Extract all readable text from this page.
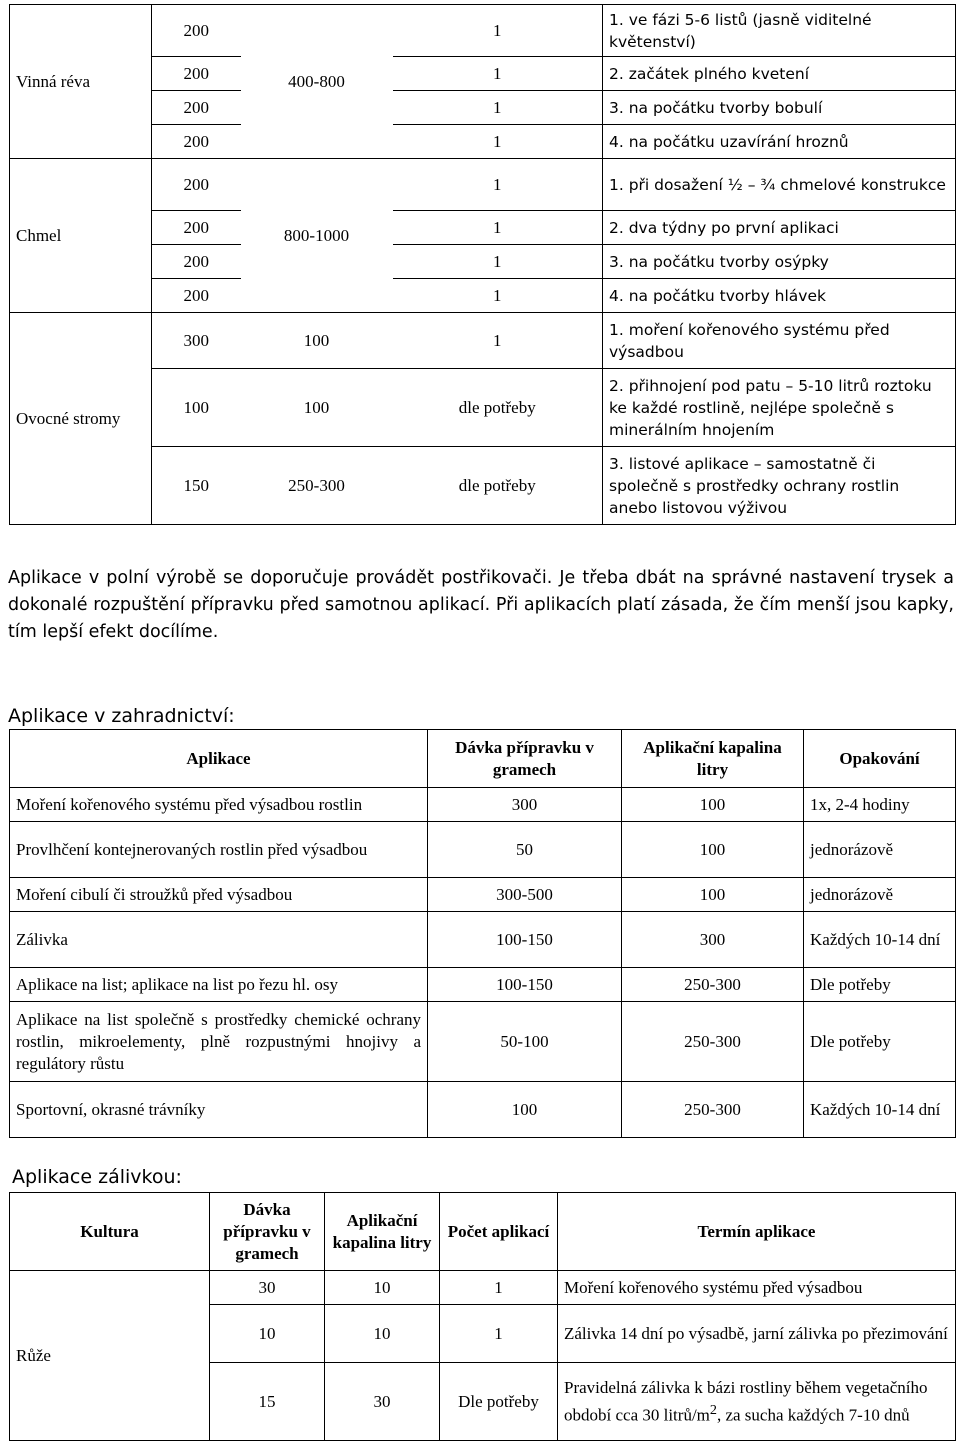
Vinná réva	200	400-800	1	1. ve fázi 5-6 listů (jasně viditelné květenství)
	200		1	2. začátek plného kvetení
	200		1	3. na počátku tvorby bobulí
	200		1	4. na počátku uzavírání hroznů
Chmel	200	800-1000	1	1. při dosažení ½ – ¾ chmelové konstrukce
	200		1	2. dva týdny po první aplikaci
	200		1	3. na počátku tvorby osýpky
	200		1	4. na počátku tvorby hlávek
Ovocné stromy	300	100	1	1. moření kořenového systému před výsadbou
	100	100	dle potřeby	2. přihnojení pod patu – 5-10 litrů roztoku ke každé rostlině, nejlépe společně s minerálním hnojením
	150	250-300	dle potřeby	3. listové aplikace – samostatně či společně s prostředky ochrany rostlin anebo listovou výživou
Aplikace v polní výrobě se doporučuje provádět postřikovači. Je třeba dbát na správné nastavení trysek a dokonalé rozpuštění přípravku před samotnou aplikací. Při aplikacích platí zásada, že čím menší jsou kapky, tím lepší efekt docílíme.
Aplikace v zahradnictví:
Aplikace	Dávka přípravku v gramech	Aplikační kapalina litry	Opakování
Moření kořenového systému před výsadbou rostlin	300	100	1x, 2-4 hodiny
Provlhčení kontejnerovaných rostlin před výsadbou	50	100	jednorázově
Moření cibulí či stroužků před výsadbou	300-500	100	jednorázově
Zálivka	100-150	300	Každých 10-14 dní
Aplikace na list; aplikace na list po řezu hl. osy	100-150	250-300	Dle potřeby
Aplikace na list společně s prostředky chemické ochrany rostlin, mikroelementy, plně rozpustnými hnojivy a regulátory růstu	50-100	250-300	Dle potřeby
Sportovní, okrasné trávníky	100	250-300	Každých 10-14 dní
Aplikace zálivkou:
Kultura	Dávka přípravku v gramech	Aplikační kapalina litry	Počet aplikací	Termín aplikace
Růže	30	10	1	Moření kořenového systému před výsadbou
	10	10	1	Zálivka 14 dní po výsadbě, jarní zálivka po přezimování
	15	30	Dle potřeby	Pravidelná zálivka k bázi rostliny během vegetačního období cca 30 litrů/$m^2$, za sucha každých 7-10 dnů
